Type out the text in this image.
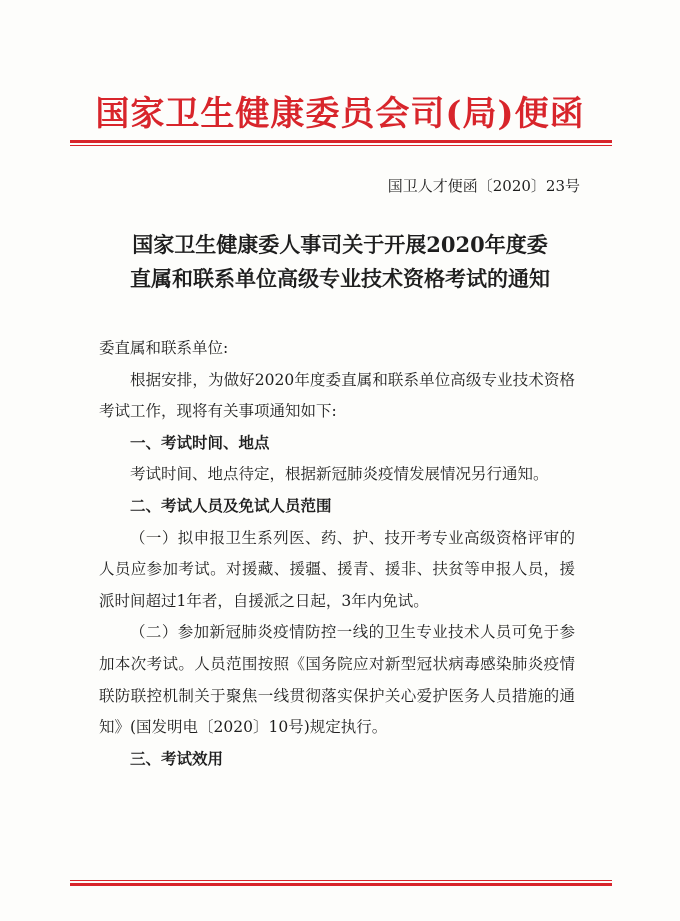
国家卫生健康委员会司(局)便函
国卫人才便函〔2020〕23号
国家卫生健康委人事司关于开展2020年度委
直属和联系单位高级专业技术资格考试的通知

委直属和联系单位:

根据安排，为做好2020年度委直属和联系单位高级专业技术资格考试工作，现将有关事项通知如下:

一、考试时间、地点

考试时间、地点待定，根据新冠肺炎疫情发展情况另行通知。

二、考试人员及免试人员范围

（一）拟申报卫生系列医、药、护、技开考专业高级资格评审的人员应参加考试。对援藏、援疆、援青、援非、扶贫等申报人员，援派时间超过1年者，自援派之日起，3年内免试。

（二）参加新冠肺炎疫情防控一线的卫生专业技术人员可免于参加本次考试。人员范围按照《国务院应对新型冠状病毒感染肺炎疫情联防联控机制关于聚焦一线贯彻落实保护关心爱护医务人员措施的通知》(国发明电〔2020〕10号)规定执行。

三、考试效用
